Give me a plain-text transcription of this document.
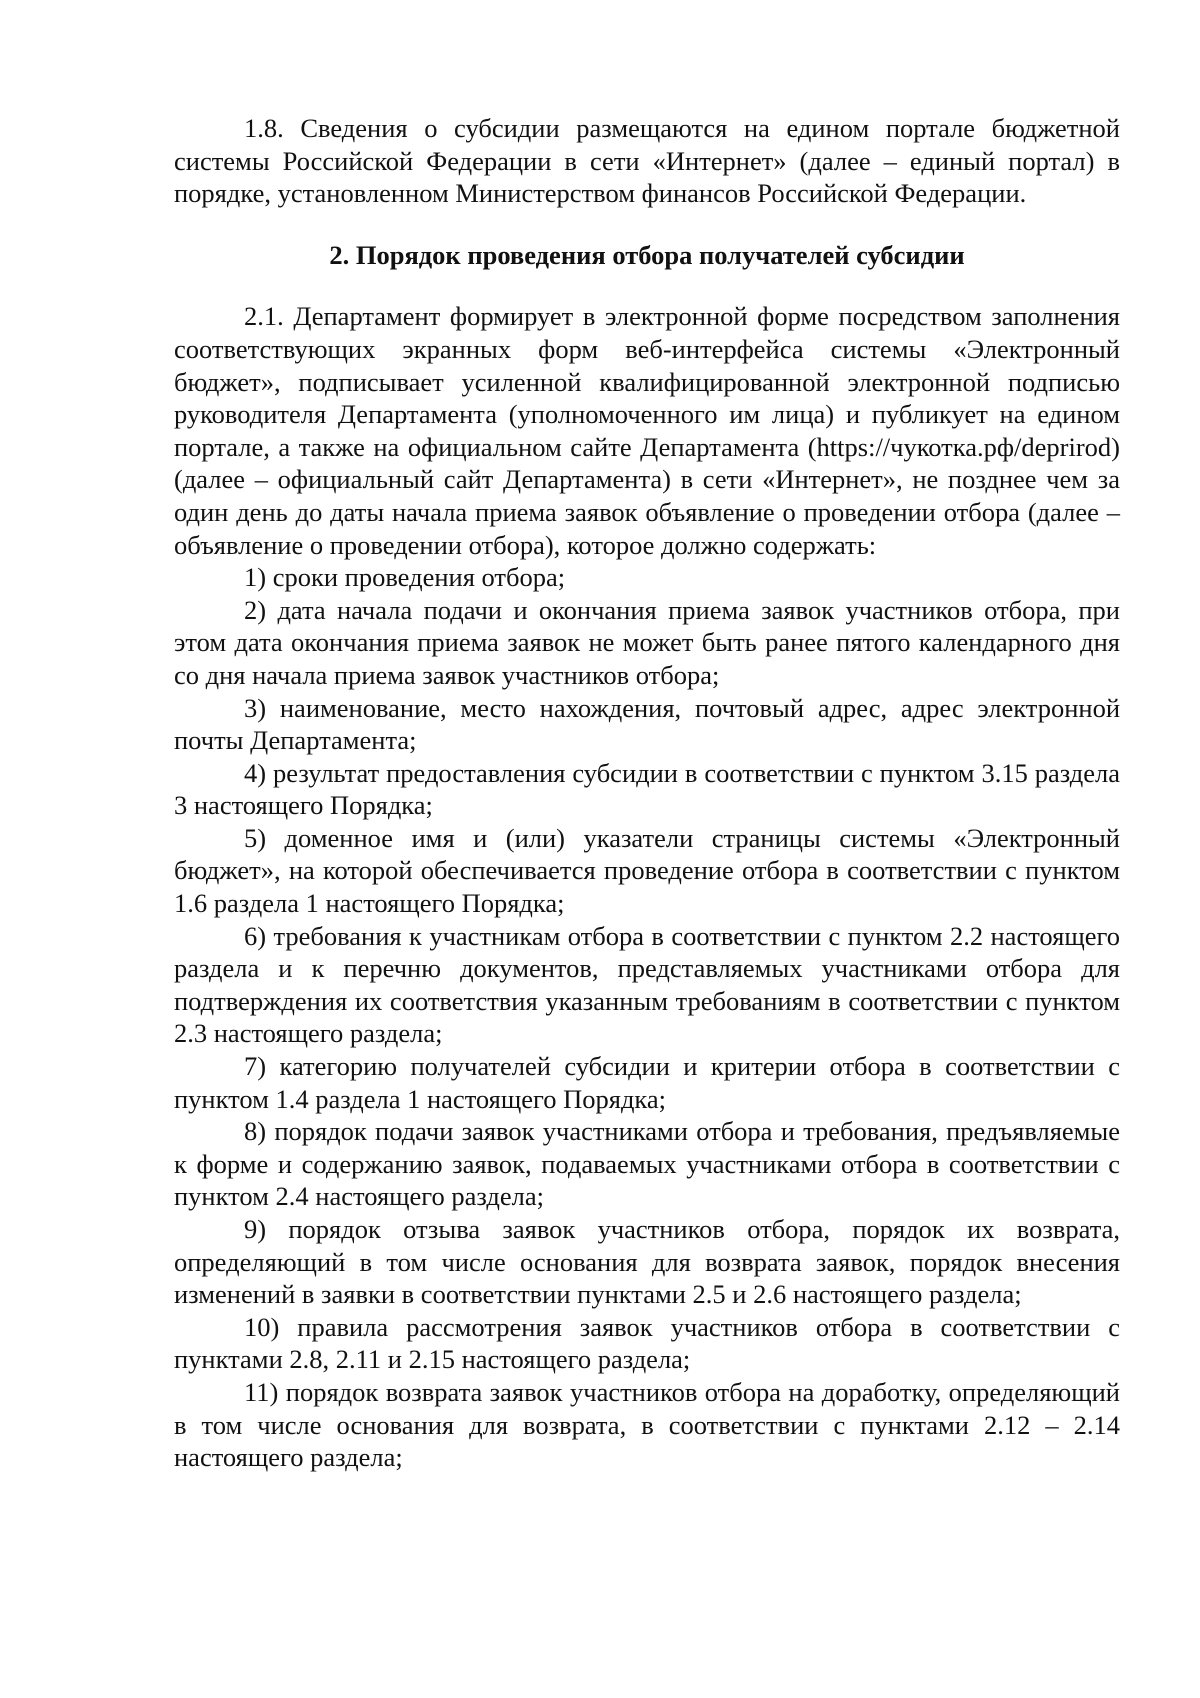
1.8. Сведения о субсидии размещаются на едином портале бюджетной системы Российской Федерации в сети «Интернет» (далее – единый портал) в порядке, установленном Министерством финансов Российской Федерации.

2. Порядок проведения отбора получателей субсидии

2.1. Департамент формирует в электронной форме посредством заполнения соответствующих экранных форм веб-интерфейса системы «Электронный бюджет», подписывает усиленной квалифицированной электронной подписью руководителя Департамента (уполномоченного им лица) и публикует на едином портале, а также на официальном сайте Департамента (https://чукотка.рф/deprirod) (далее – официальный сайт Департамента) в сети «Интернет», не позднее чем за один день до даты начала приема заявок объявление о проведении отбора (далее – объявление о проведении отбора), которое должно содержать:

1) сроки проведения отбора;

2) дата начала подачи и окончания приема заявок участников отбора, при этом дата окончания приема заявок не может быть ранее пятого календарного дня со дня начала приема заявок участников отбора;

3) наименование, место нахождения, почтовый адрес, адрес электронной почты Департамента;

4) результат предоставления субсидии в соответствии с пунктом 3.15 раздела 3 настоящего Порядка;

5) доменное имя и (или) указатели страницы системы «Электронный бюджет», на которой обеспечивается проведение отбора в соответствии с пунктом 1.6 раздела 1 настоящего Порядка;

6) требования к участникам отбора в соответствии с пунктом 2.2 настоящего раздела и к перечню документов, представляемых участниками отбора для подтверждения их соответствия указанным требованиям в соответствии с пунктом 2.3 настоящего раздела;

7) категорию получателей субсидии и критерии отбора в соответствии с пунктом 1.4 раздела 1 настоящего Порядка;

8) порядок подачи заявок участниками отбора и требования, предъявляемые к форме и содержанию заявок, подаваемых участниками отбора в соответствии с пунктом 2.4 настоящего раздела;

9) порядок отзыва заявок участников отбора, порядок их возврата, определяющий в том числе основания для возврата заявок, порядок внесения изменений в заявки в соответствии пунктами 2.5 и 2.6 настоящего раздела;

10) правила рассмотрения заявок участников отбора в соответствии с пунктами 2.8, 2.11 и 2.15 настоящего раздела;

11) порядок возврата заявок участников отбора на доработку, определяющий в том числе основания для возврата, в соответствии с пунктами 2.12 – 2.14 настоящего раздела;
